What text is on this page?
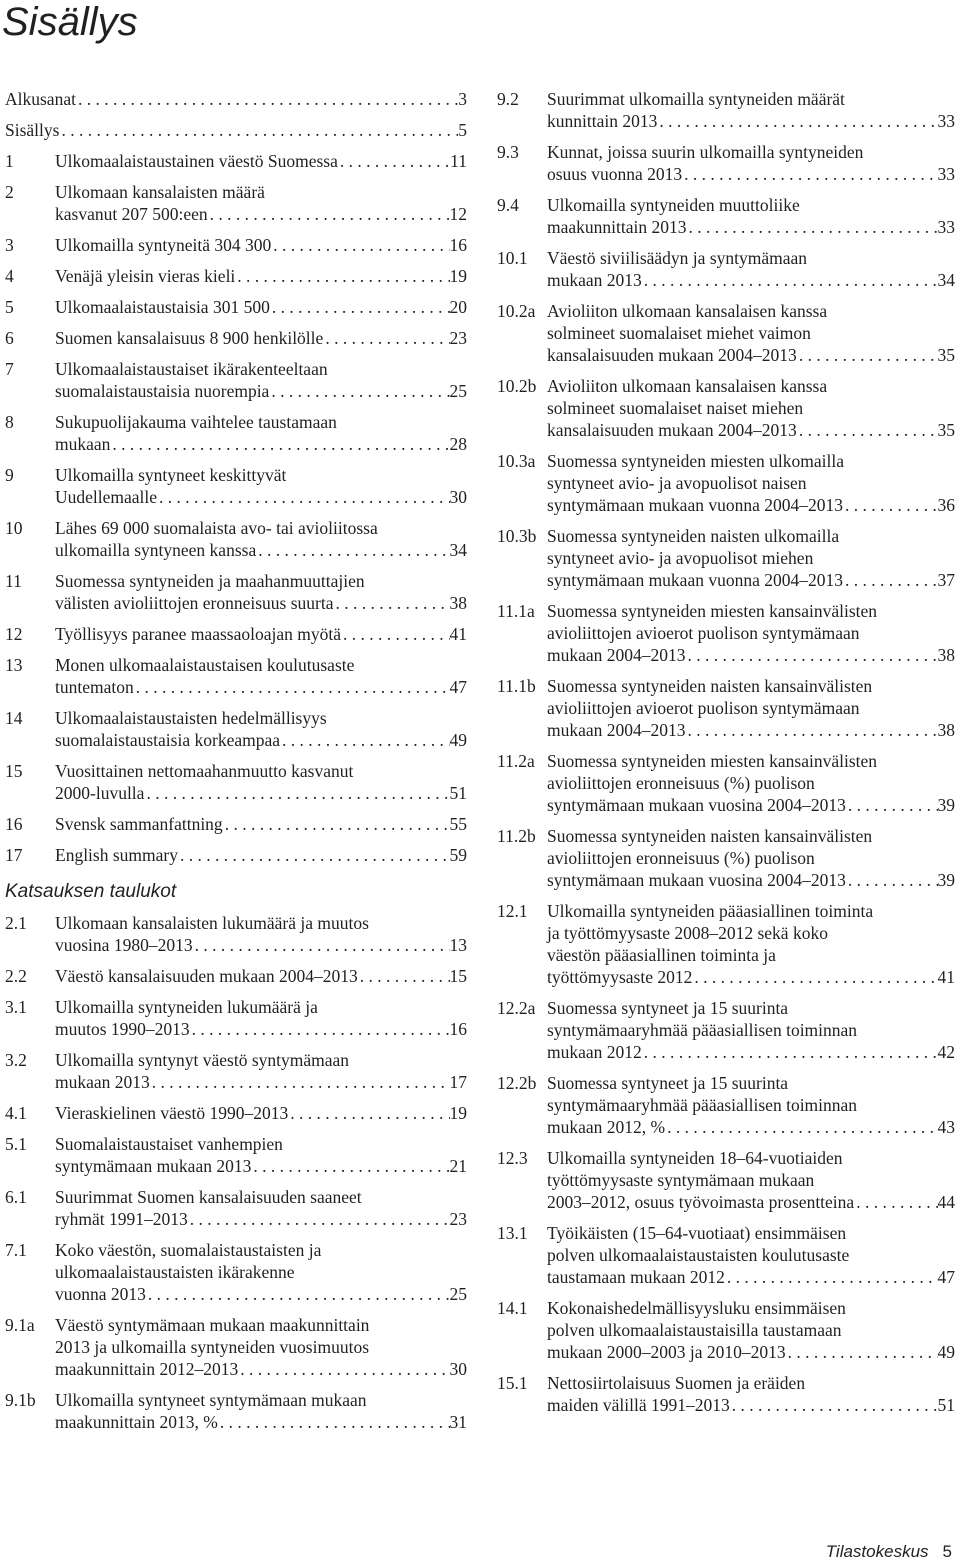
Sisällys
Alkusanat . . .	3
Sisällys . . .	5
1 Ulkomaalaistaustainen väestö Suomessa . . .	11
2 Ulkomaan kansalaisten määrä
kasvanut 207 500:een . . .	12
3 Ulkomailla syntyneitä 304 300 . . .	16
4 Venäjä yleisin vieras kieli . . .	19
5 Ulkomaalaistaustaisia 301 500 . . .	20
6 Suomen kansalaisuus 8 900 henkilölle . . .	23
7 Ulkomaalaistaustaiset ikärakenteeltaan
suomalaistaustaisia nuorempia . . .	25
8 Sukupuolijakauma vaihtelee taustamaan
mukaan . . .	28
9 Ulkomailla syntyneet keskittyvät
Uudellemaalle . . .	30
10 Lähes 69 000 suomalaista avo- tai avioliitossa
ulkomailla syntyneen kanssa . . .	34
11 Suomessa syntyneiden ja maahanmuuttajien
välisten avioliittojen eronneisuus suurta . . .	38
12 Työllisyys paranee maassaoloajan myötä . . .	41
13 Monen ulkomaalaistaustaisen koulutusaste
tuntematon . . .	47
14 Ulkomaalaistaustaisten hedelmällisyys
suomalaistaustaisia korkeampaa . . .	49
15 Vuosittainen nettomaahanmuutto kasvanut
2000-luvulla . . .	51
16 Svensk sammanfattning . . .	55
17 English summary . . .	59
Katsauksen taulukot
2.1 Ulkomaan kansalaisten lukumäärä ja muutos
vuosina 1980–2013 . . .	13
2.2 Väestö kansalaisuuden mukaan 2004–2013 . . .	15
3.1 Ulkomailla syntyneiden lukumäärä ja
muutos 1990–2013 . . .	16
3.2 Ulkomailla syntynyt väestö syntymämaan
mukaan 2013 . . .	17
4.1 Vieraskielinen väestö 1990–2013 . . .	19
5.1 Suomalaistaustaiset vanhempien
syntymämaan mukaan 2013 . . .	21
6.1 Suurimmat Suomen kansalaisuuden saaneet
ryhmät 1991–2013 . . .	23
7.1 Koko väestön, suomalaistaustaisten ja
ulkomaalaistaustaisten ikärakenne
vuonna 2013 . . .	25
9.1a Väestö syntymämaan mukaan maakunnittain
2013 ja ulkomailla syntyneiden vuosimuutos
maakunnittain 2012–2013 . . .	30
9.1b Ulkomailla syntyneet syntymämaan mukaan
maakunnittain 2013, % . . .	31
9.2 Suurimmat ulkomailla syntyneiden määrät
kunnittain 2013 . . .	33
9.3 Kunnat, joissa suurin ulkomailla syntyneiden
osuus vuonna 2013 . . .	33
9.4 Ulkomailla syntyneiden muuttoliike
maakunnittain 2013 . . .	33
10.1 Väestö siviilisäädyn ja syntymämaan
mukaan 2013 . . .	34
10.2a Avioliiton ulkomaan kansalaisen kanssa
solmineet suomalaiset miehet vaimon
kansalaisuuden mukaan 2004–2013 . . .	35
10.2b Avioliiton ulkomaan kansalaisen kanssa
solmineet suomalaiset naiset miehen
kansalaisuuden mukaan 2004–2013 . . .	35
10.3a Suomessa syntyneiden miesten ulkomailla
syntyneet avio- ja avopuolisot naisen
syntymämaan mukaan vuonna 2004–2013 . . .	36
10.3b Suomessa syntyneiden naisten ulkomailla
syntyneet avio- ja avopuolisot miehen
syntymämaan mukaan vuonna 2004–2013 . . .	37
11.1a Suomessa syntyneiden miesten kansainvälisten
avioliittojen avioerot puolison syntymämaan
mukaan 2004–2013 . . .	38
11.1b Suomessa syntyneiden naisten kansainvälisten
avioliittojen avioerot puolison syntymämaan
mukaan 2004–2013 . . .	38
11.2a Suomessa syntyneiden miesten kansainvälisten
avioliittojen eronneisuus (%) puolison
syntymämaan mukaan vuosina 2004–2013 . . .	39
11.2b Suomessa syntyneiden naisten kansainvälisten
avioliittojen eronneisuus (%) puolison
syntymämaan mukaan vuosina 2004–2013 . . .	39
12.1 Ulkomailla syntyneiden pääasiallinen toiminta
ja työttömyysaste 2008–2012 sekä koko
väestön pääasiallinen toiminta ja
työttömyysaste 2012 . . .	41
12.2a Suomessa syntyneet ja 15 suurinta
syntymämaaryhmää pääasiallisen toiminnan
mukaan 2012 . . .	42
12.2b Suomessa syntyneet ja 15 suurinta
syntymämaaryhmää pääasiallisen toiminnan
mukaan 2012, % . . .	43
12.3 Ulkomailla syntyneiden 18–64-vuotiaiden
työttömyysaste syntymämaan mukaan
2003–2012, osuus työvoimasta prosentteina . . .	44
13.1 Työikäisten (15–64-vuotiaat) ensimmäisen
polven ulkomaalaistaustaisten koulutusaste
taustamaan mukaan 2012 . . .	47
14.1 Kokonaishedelmällisyysluku ensimmäisen
polven ulkomaalaistaustaisilla taustamaan
mukaan 2000–2003 ja 2010–2013 . . .	49
15.1 Nettosiirtolaisuus Suomen ja eräiden
maiden välillä 1991–2013 . . .	51
Tilastokeskus 5
